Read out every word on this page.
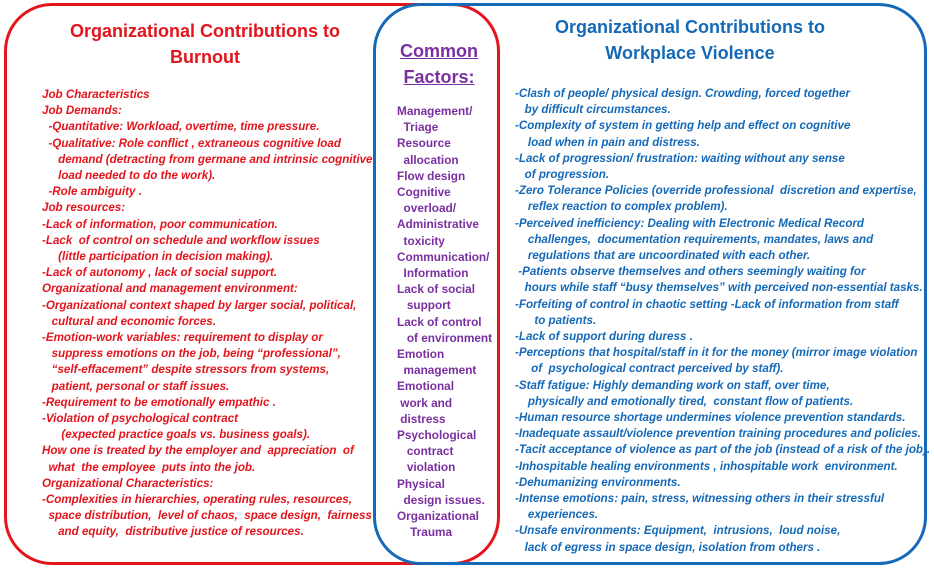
Organizational Contributions to
Burnout	Common
Factors:
Organizational Contributions to
Workplace Violence
Job Characteristics
Job Demands:
-Quantitative: Workload, overtime, time pressure.
-Qualitative: Role conflict , extraneous cognitive load
demand (detracting from germane and intrinsic cognitive
load needed to do the work).
-Role ambiguity .
Job resources:
-Lack of information, poor communication.
-Lack  of control on schedule and workflow issues
(little participation in decision making).
-Lack of autonomy , lack of social support.
Organizational and management environment:
-Organizational context shaped by larger social, political,
cultural and economic forces.
-Emotion-work variables: requirement to display or
suppress emotions on the job, being “professional”,
“self-effacement” despite stressors from systems,
patient, personal or staff issues.
-Requirement to be emotionally empathic .
-Violation of psychological contract
(expected practice goals vs. business goals).
How one is treated by the employer and  appreciation  of
what  the employee  puts into the job.
Organizational Characteristics:
-Complexities in hierarchies, operating rules, resources,
space distribution,  level of chaos,  space design,  fairness
and equity,  distributive justice of resources.
Management/
Triage
Resource
allocation
Flow design
Cognitive
overload/
Administrative
toxicity
Communication/
Information
Lack of social
support
Lack of control
of environment
Emotion
management
Emotional
work and
distress
Psychological
contract
violation
Physical
design issues.
Organizational
Trauma
-Clash of people/ physical design. Crowding, forced together
by difficult circumstances.
-Complexity of system in getting help and effect on cognitive
load when in pain and distress.
-Lack of progression/ frustration: waiting without any sense
of progression.
-Zero Tolerance Policies (override professional  discretion and expertise,
reflex reaction to complex problem).
-Perceived inefficiency: Dealing with Electronic Medical Record
challenges,  documentation requirements, mandates, laws and
regulations that are uncoordinated with each other.
-Patients observe themselves and others seemingly waiting for
hours while staff “busy themselves” with perceived non-essential tasks.
-Forfeiting of control in chaotic setting -Lack of information from staff
to patients.
-Lack of support during duress .
-Perceptions that hospital/staff in it for the money (mirror image violation
of  psychological contract perceived by staff).
-Staff fatigue: Highly demanding work on staff, over time,
physically and emotionally tired,  constant flow of patients.
-Human resource shortage undermines violence prevention standards.
-Inadequate assault/violence prevention training procedures and policies.
-Tacit acceptance of violence as part of the job (instead of a risk of the job).
-Inhospitable healing environments , inhospitable work  environment.
-Dehumanizing environments.
-Intense emotions: pain, stress, witnessing others in their stressful
experiences.
-Unsafe environments: Equipment,  intrusions,  loud noise,
lack of egress in space design, isolation from others .
